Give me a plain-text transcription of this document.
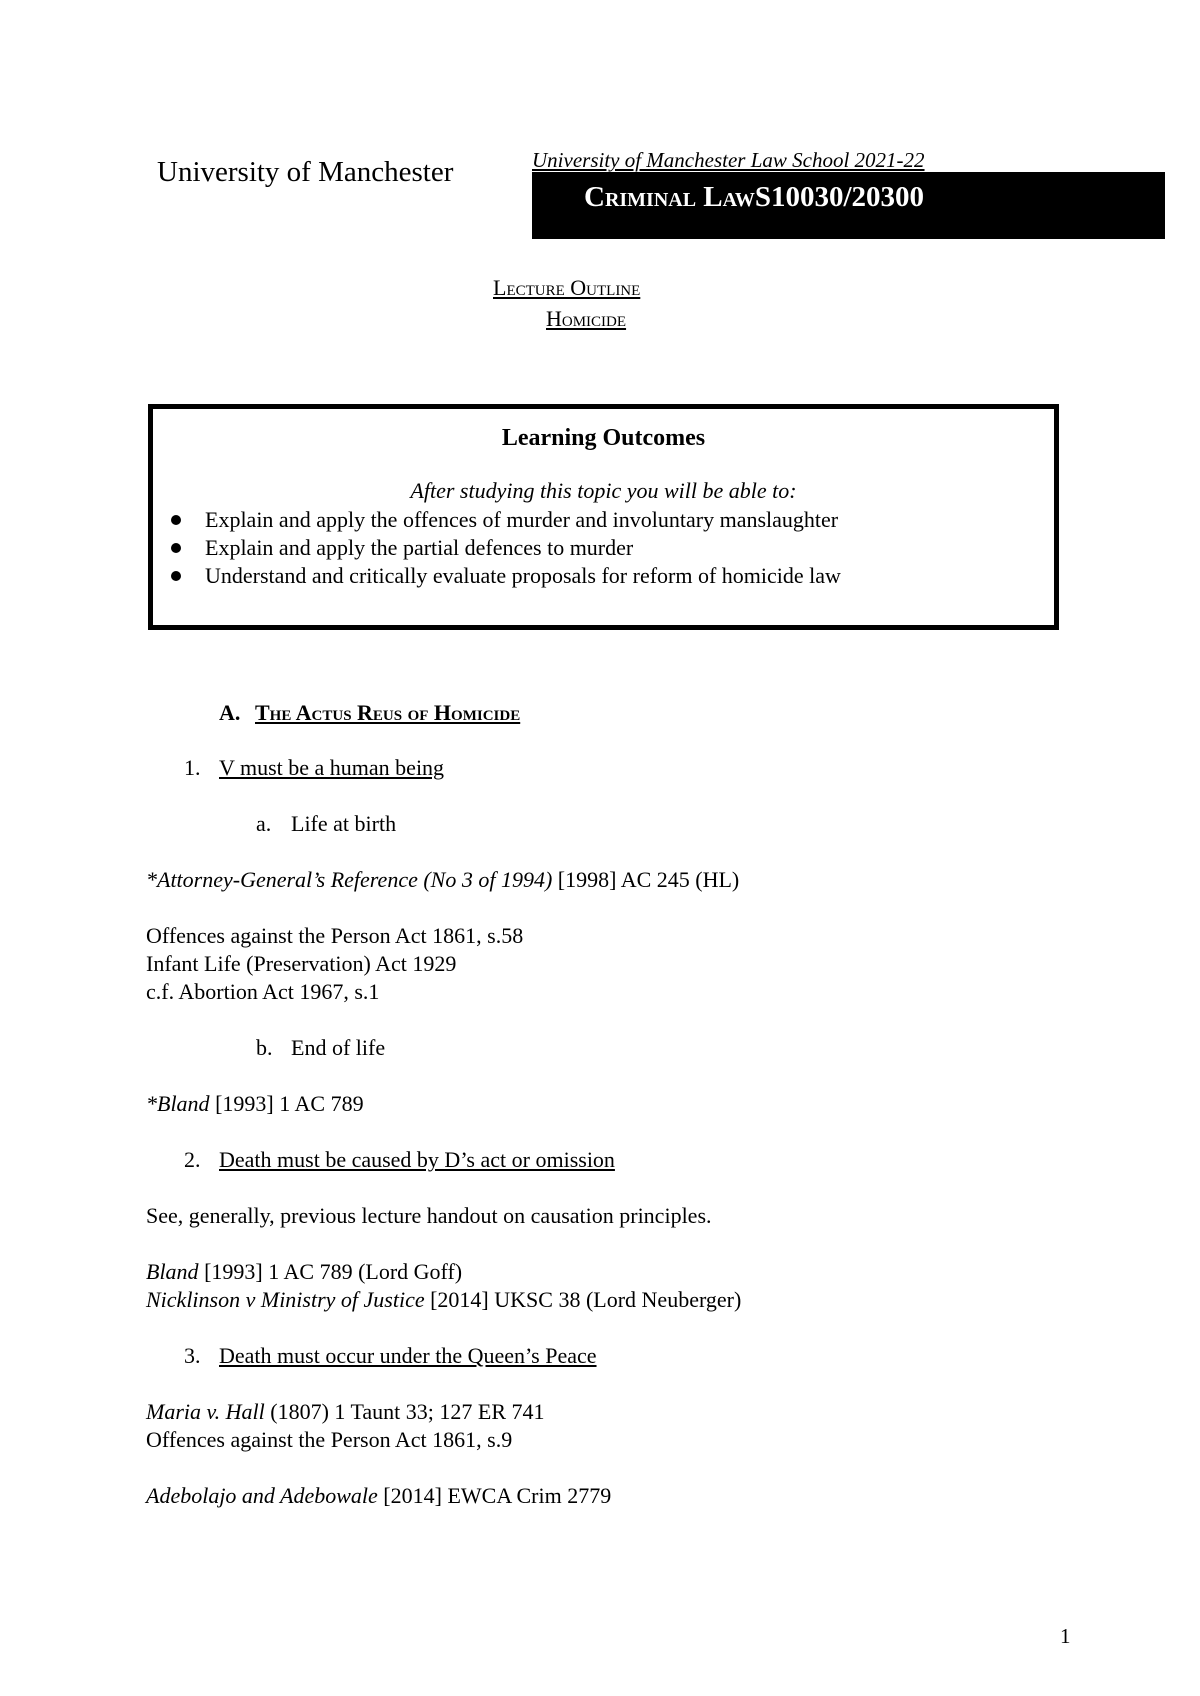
University of Manchester	University of Manchester Law School 2021-22
Criminal LawS10030/20300
Lecture Outline
Homicide
Learning Outcomes
After studying this topic you will be able to:
Explain and apply the offences of murder and involuntary manslaughter
Explain and apply the partial defences to murder
Understand and critically evaluate proposals for reform of homicide law
A. The Actus Reus of Homicide
1. V must be a human being
a. Life at birth
*Attorney-General’s Reference (No 3 of 1994) [1998] AC 245 (HL)
Offences against the Person Act 1861, s.58
Infant Life (Preservation) Act 1929
c.f. Abortion Act 1967, s.1
b. End of life
*Bland [1993] 1 AC 789
2. Death must be caused by D’s act or omission
See, generally, previous lecture handout on causation principles.
Bland [1993] 1 AC 789 (Lord Goff)
Nicklinson v Ministry of Justice [2014] UKSC 38 (Lord Neuberger)
3. Death must occur under the Queen’s Peace
Maria v. Hall (1807) 1 Taunt 33; 127 ER 741
Offences against the Person Act 1861, s.9
Adebolajo and Adebowale [2014] EWCA Crim 2779
1
